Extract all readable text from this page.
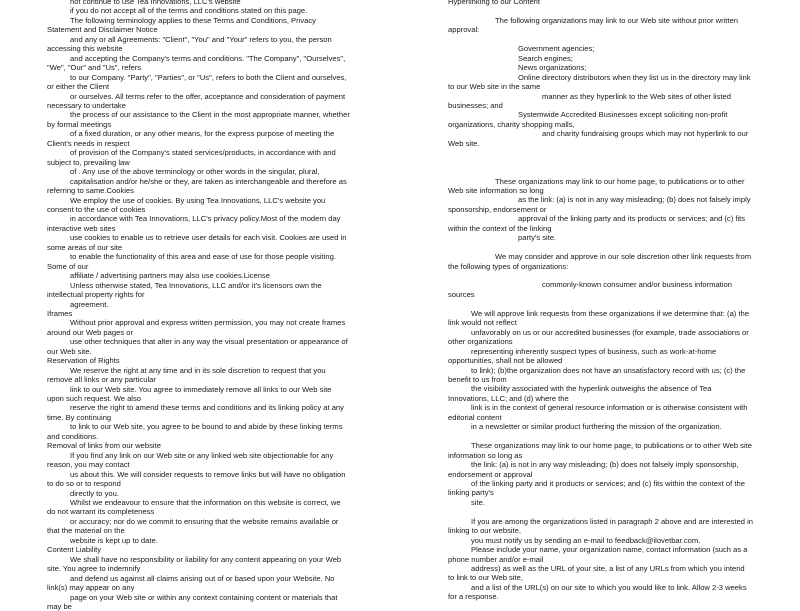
not continue to use Tea Innovations, LLC's website

if you do not accept all of the terms and conditions stated on this page.

The following terminology applies to these Terms and Conditions, Privacy Statement and Disclaimer Notice

and any or all Agreements: "Client", "You" and "Your" refers to you, the person accessing this website

and accepting the Company's terms and conditions. "The Company", "Ourselves", "We", "Our" and "Us", refers

to our Company. "Party", "Parties", or "Us", refers to both the Client and ourselves, or either the Client

or ourselves. All terms refer to the offer, acceptance and consideration of payment necessary to undertake

the process of our assistance to the Client in the most appropriate manner, whether by formal meetings

of a fixed duration, or any other means, for the express purpose of meeting the Client's needs in respect

of provision of the Company's stated services/products, in accordance with and subject to, prevailing law

of . Any use of the above terminology or other words in the singular, plural,

capitalisation and/or he/she or they, are taken as interchangeable and therefore as referring to same.Cookies

We employ the use of cookies. By using Tea Innovations, LLC's website you consent to the use of cookies

in accordance with Tea Innovations, LLC's privacy policy.Most of the modern day interactive web sites

use cookies to enable us to retrieve user details for each visit. Cookies are used in some areas of our site

to enable the functionality of this area and ease of use for those people visiting. Some of our

affiliate / advertising partners may also use cookies.License

Unless otherwise stated, Tea Innovations, LLC and/or it's licensors own the intellectual property rights for

agreement.

Iframes

Without prior approval and express written permission, you may not create frames around our Web pages or

use other techniques that alter in any way the visual presentation or appearance of our Web site.

Reservation of Rights

We reserve the right at any time and in its sole discretion to request that you remove all links or any particular

link to our Web site. You agree to immediately remove all links to our Web site upon such request. We also

reserve the right to amend these terms and conditions and its linking policy at any time. By continuing

to link to our Web site, you agree to be bound to and abide by these linking terms and conditions.

Removal of links from our website

If you find any link on our Web site or any linked web site objectionable for any reason, you may contact

us about this. We will consider requests to remove links but will have no obligation to do so or to respond

directly to you.

Whilst we endeavour to ensure that the information on this website is correct, we do not warrant its completeness

or accuracy; nor do we commit to ensuring that the website remains available or that the material on the

website is kept up to date.

Content Liability

We shall have no responsibility or liability for any content appearing on your Web site. You agree to indemnify

and defend us against all claims arising out of or based upon your Website. No link(s) may appear on any

page on your Web site or within any context containing content or materials that may be

Hyperlinking to our Content

The following organizations may link to our Web site without prior written approval:

Government agencies;

Search engines;

News organizations;

Online directory distributors when they list us in the directory may link to our Web site in the same

manner as they hyperlink to the Web sites of other listed businesses; and

Systemwide Accredited Businesses except soliciting non-profit organizations, charity shopping malls,

and charity fundraising groups which may not hyperlink to our Web site.

These organizations may link to our home page, to publications or to other Web site information so long

as the link: (a) is not in any way misleading; (b) does not falsely imply sponsorship, endorsement or

approval of the linking party and its products or services; and (c) fits within the context of the linking

party's site.

We may consider and approve in our sole discretion other link requests from the following types of organizations:

commonly-known consumer and/or business information sources

We will approve link requests from these organizations if we determine that: (a) the link would not reflect

unfavorably on us or our accredited businesses (for example, trade associations or other organizations

representing inherently suspect types of business, such as work-at-home opportunities, shall not be allowed

to link); (b)the organization does not have an unsatisfactory record with us; (c) the benefit to us from

the visibility associated with the hyperlink outweighs the absence of Tea Innovations, LLC; and (d) where the

link is in the context of general resource information or is otherwise consistent with editorial content

in a newsletter or similar product furthering the mission of the organization.

These organizations may link to our home page, to publications or to other Web site information so long as

the link: (a) is not in any way misleading; (b) does not falsely imply sponsorship, endorsement or approval

of the linking party and it products or services; and (c) fits within the context of the linking party's

site.

If you are among the organizations listed in paragraph 2 above and are interested in linking to our website,

you must notify us by sending an e-mail to feedback@ilovetbar.com.

Please include your name, your organization name, contact information (such as a phone number and/or e-mail

address) as well as the URL of your site, a list of any URLs from which you intend to link to our Web site,

and a list of the URL(s) on our site to which you would like to link. Allow 2-3 weeks for a response.
